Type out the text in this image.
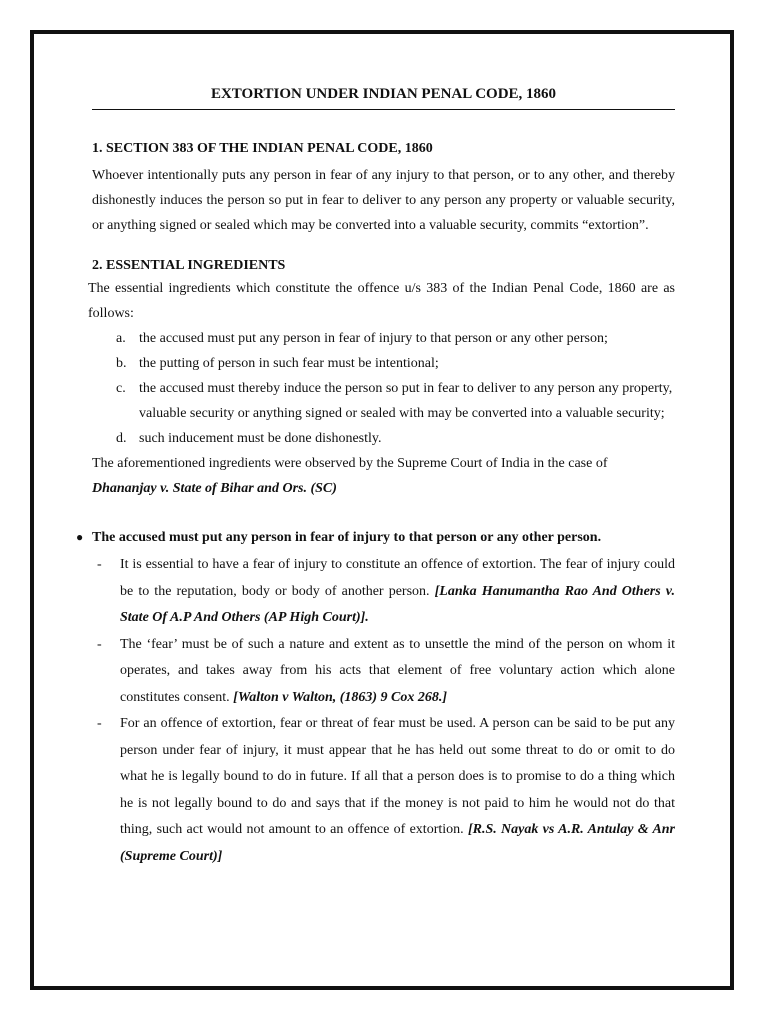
EXTORTION UNDER INDIAN PENAL CODE, 1860

1. SECTION 383 OF THE INDIAN PENAL CODE, 1860

Whoever intentionally puts any person in fear of any injury to that person, or to any other, and thereby dishonestly induces the person so put in fear to deliver to any person any property or valuable security, or anything signed or sealed which may be converted into a valuable security, commits “extortion”.

2. ESSENTIAL INGREDIENTS

The essential ingredients which constitute the offence u/s 383 of the Indian Penal Code, 1860 are as follows:

a. the accused must put any person in fear of injury to that person or any other person;
b. the putting of person in such fear must be intentional;
c. the accused must thereby induce the person so put in fear to deliver to any person any property, valuable security or anything signed or sealed with may be converted into a valuable security;
d. such inducement must be done dishonestly.

The aforementioned ingredients were observed by the Supreme Court of India in the case of
Dhananjay v. State of Bihar and Ors. (SC)

● The accused must put any person in fear of injury to that person or any other person.
- It is essential to have a fear of injury to constitute an offence of extortion. The fear of injury could be to the reputation, body or body of another person. [Lanka Hanumantha Rao And Others v. State Of A.P And Others (AP High Court)].
- The ‘fear’ must be of such a nature and extent as to unsettle the mind of the person on whom it operates, and takes away from his acts that element of free voluntary action which alone constitutes consent. [Walton v Walton, (1863) 9 Cox 268.]
- For an offence of extortion, fear or threat of fear must be used. A person can be said to be put any person under fear of injury, it must appear that he has held out some threat to do or omit to do what he is legally bound to do in future. If all that a person does is to promise to do a thing which he is not legally bound to do and says that if the money is not paid to him he would not do that thing, such act would not amount to an offence of extortion. [R.S. Nayak vs A.R. Antulay & Anr (Supreme Court)]
